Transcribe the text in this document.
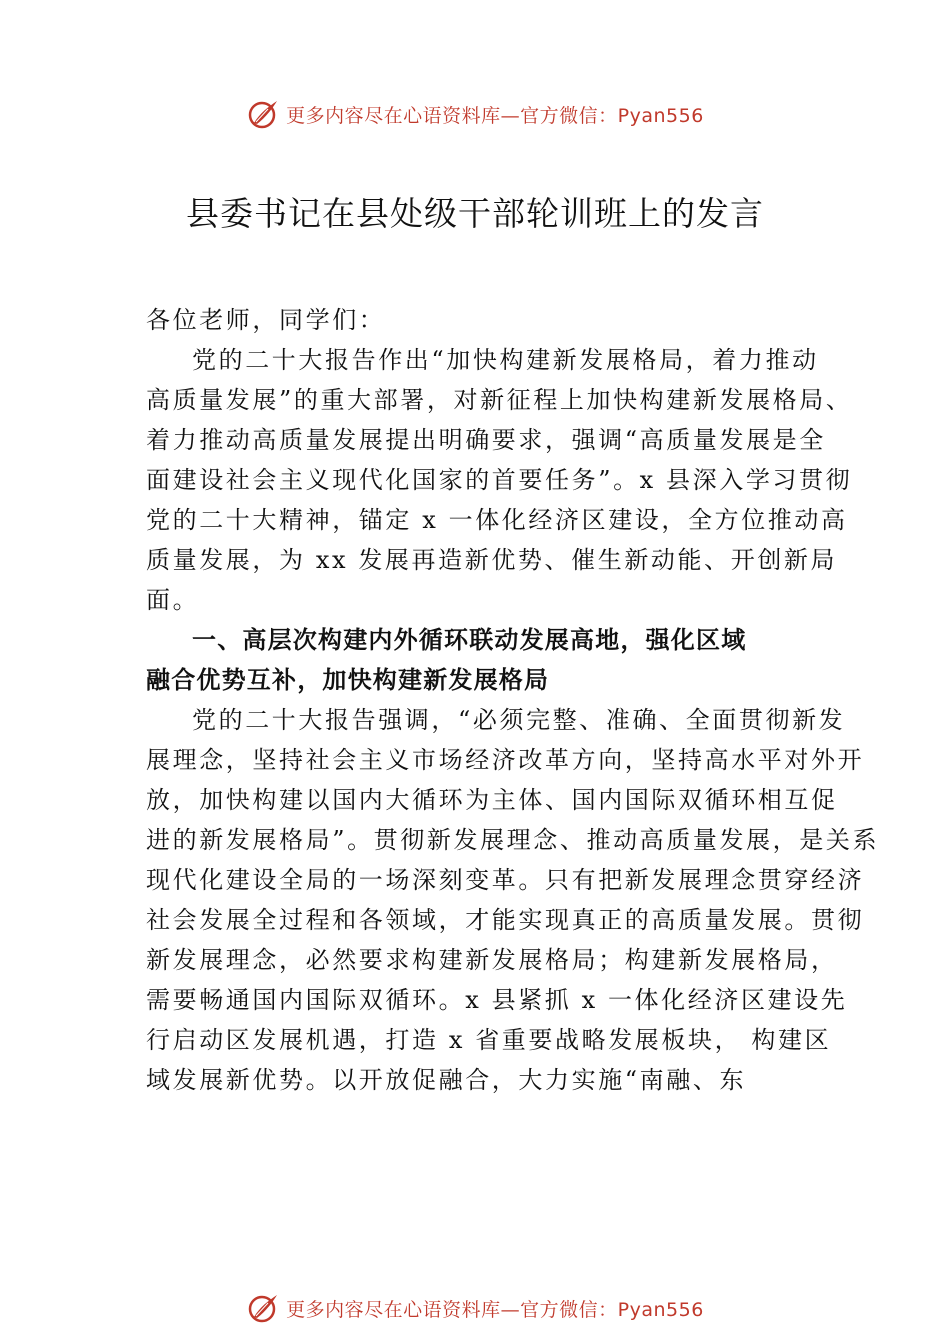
更多内容尽在心语资料库—官方微信：Pyan556
县委书记在县处级干部轮训班上的发言
各位老师，同学们：
党的二十大报告作出“加快构建新发展格局，着力推动
高质量发展”的重大部署，对新征程上加快构建新发展格局、
着力推动高质量发展提出明确要求，强调“高质量发展是全
面建设社会主义现代化国家的首要任务”。x 县深入学习贯彻
党的二十大精神，锚定 x 一体化经济区建设，全方位推动高
质量发展，为 xx 发展再造新优势、催生新动能、开创新局
面。
一、高层次构建内外循环联动发展高地，强化区域
融合优势互补，加快构建新发展格局
党的二十大报告强调，“必须完整、准确、全面贯彻新发
展理念，坚持社会主义市场经济改革方向，坚持高水平对外开
放，加快构建以国内大循环为主体、国内国际双循环相互促
进的新发展格局”。贯彻新发展理念、推动高质量发展，是关系
现代化建设全局的一场深刻变革。只有把新发展理念贯穿经济
社会发展全过程和各领域，才能实现真正的高质量发展。贯彻
新发展理念，必然要求构建新发展格局；构建新发展格局，
需要畅通国内国际双循环。x 县紧抓 x 一体化经济区建设先
行启动区发展机遇，打造 x 省重要战略发展板块， 构建区
域发展新优势。以开放促融合，大力实施“南融、东
更多内容尽在心语资料库—官方微信：Pyan556
